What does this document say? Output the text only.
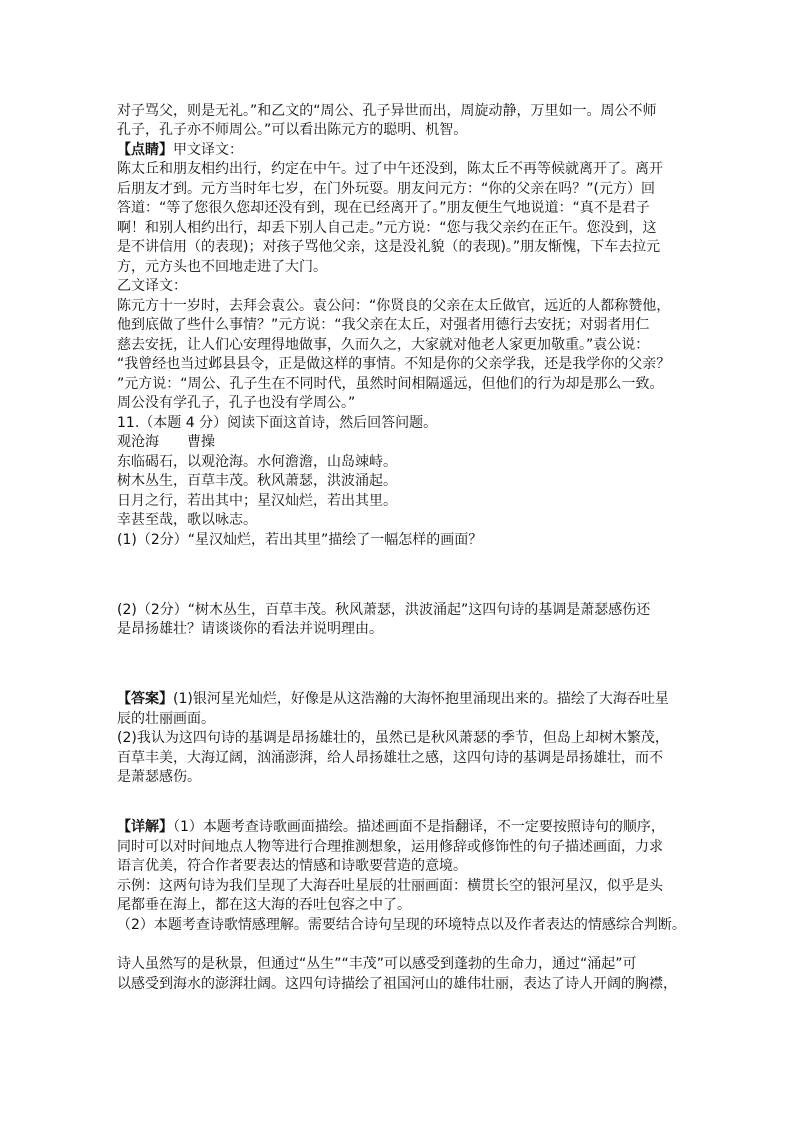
对子骂父，则是无礼。”和乙文的“周公、孔子异世而出，周旋动静，万里如一。周公不师
孔子，孔子亦不师周公。”可以看出陈元方的聪明、机智。
【点睛】甲文译文：
陈太丘和朋友相约出行，约定在中午。过了中午还没到，陈太丘不再等候就离开了。离开
后朋友才到。元方当时年七岁，在门外玩耍。朋友问元方：“你的父亲在吗？”(元方）回
答道：“等了您很久您却还没有到，现在已经离开了。”朋友便生气地说道：“真不是君子
啊！和别人相约出行，却丢下别人自己走。”元方说：“您与我父亲约在正午。您没到，这
是不讲信用（的表现)；对孩子骂他父亲，这是没礼貌（的表现)。”朋友惭愧，下车去拉元
方，元方头也不回地走进了大门。
乙文译文：
陈元方十一岁时，去拜会袁公。袁公问：“你贤良的父亲在太丘做官，远近的人都称赞他，
他到底做了些什么事情？”元方说：“我父亲在太丘，对强者用德行去安抚；对弱者用仁
慈去安抚，让人们心安理得地做事，久而久之，大家就对他老人家更加敬重。”袁公说：
“我曾经也当过邺县县令，正是做这样的事情。不知是你的父亲学我，还是我学你的父亲？
”元方说：“周公、孔子生在不同时代，虽然时间相隔遥远，但他们的行为却是那么一致。
周公没有学孔子，孔子也没有学周公。”
11.（本题 4 分）阅读下面这首诗，然后回答问题。
观沧海　　曹操
东临碣石，以观沧海。水何澹澹，山岛竦峙。
树木丛生，百草丰茂。秋风萧瑟，洪波涌起。
日月之行，若出其中；星汉灿烂，若出其里。
幸甚至哉，歌以咏志。
(1)（2分）“星汉灿烂，若出其里”描绘了一幅怎样的画面？
(2)（2分）“树木丛生，百草丰茂。秋风萧瑟，洪波涌起”这四句诗的基调是萧瑟感伤还
是昂扬雄壮？请谈谈你的看法并说明理由。
【答案】(1)银河星光灿烂，好像是从这浩瀚的大海怀抱里涌现出来的。描绘了大海吞吐星
辰的壮丽画面。
(2)我认为这四句诗的基调是昂扬雄壮的，虽然已是秋风萧瑟的季节，但岛上却树木繁茂，
百草丰美，大海辽阔，汹涌澎湃，给人昂扬雄壮之感，这四句诗的基调是昂扬雄壮，而不
是萧瑟感伤。
【详解】（1）本题考查诗歌画面描绘。描述画面不是指翻译，不一定要按照诗句的顺序，
同时可以对时间地点人物等进行合理推测想象，运用修辞或修饰性的句子描述画面，力求
语言优美，符合作者要表达的情感和诗歌要营造的意境。
示例：这两句诗为我们呈现了大海吞吐星辰的壮丽画面：横贯长空的银河星汉，似乎是头
尾都垂在海上，都在这大海的吞吐包容之中了。
（2）本题考查诗歌情感理解。需要结合诗句呈现的环境特点以及作者表达的情感综合判断。
诗人虽然写的是秋景，但通过“丛生”“丰茂”可以感受到蓬勃的生命力，通过“涌起”可
以感受到海水的澎湃壮阔。这四句诗描绘了祖国河山的雄伟壮丽，表达了诗人开阔的胸襟，
